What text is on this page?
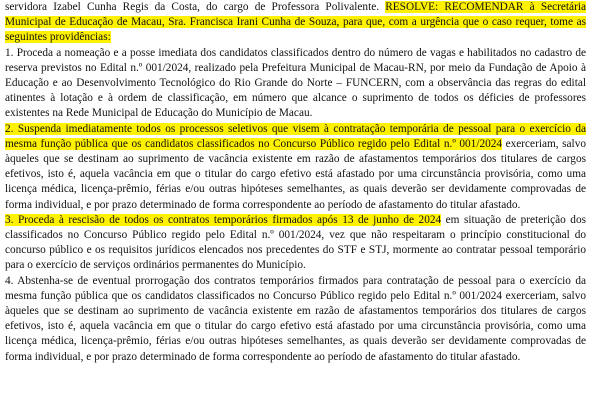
servidora Izabel Cunha Regis da Costa, do cargo de Professora Polivalente. RESOLVE: RECOMENDAR à Secretária Municipal de Educação de Macau, Sra. Francisca Irani Cunha de Souza, para que, com a urgência que o caso requer, tome as seguintes providências:

1. Proceda a nomeação e a posse imediata dos candidatos classificados dentro do número de vagas e habilitados no cadastro de reserva previstos no Edital n.º 001/2024, realizado pela Prefeitura Municipal de Macau-RN, por meio da Fundação de Apoio à Educação e ao Desenvolvimento Tecnológico do Rio Grande do Norte – FUNCERN, com a observância das regras do edital atinentes à lotação e à ordem de classificação, em número que alcance o suprimento de todos os déficies de professores existentes na Rede Municipal de Educação do Município de Macau.

2. Suspenda imediatamente todos os processos seletivos que visem à contratação temporária de pessoal para o exercício da mesma função pública que os candidatos classificados no Concurso Público regido pelo Edital n.º 001/2024 exerceriam, salvo àqueles que se destinam ao suprimento de vacância existente em razão de afastamentos temporários dos titulares de cargos efetivos, isto é, aquela vacância em que o titular do cargo efetivo está afastado por uma circunstância provisória, como uma licença médica, licença-prêmio, férias e/ou outras hipóteses semelhantes, as quais deverão ser devidamente comprovadas de forma individual, e por prazo determinado de forma correspondente ao período de afastamento do titular afastado.

3. Proceda à rescisão de todos os contratos temporários firmados após 13 de junho de 2024 em situação de preterição dos classificados no Concurso Público regido pelo Edital n.º 001/2024, vez que não respeitaram o princípio constitucional do concurso público e os requisitos jurídicos elencados nos precedentes do STF e STJ, mormente ao contratar pessoal temporário para o exercício de serviços ordinários permanentes do Município.

4. Abstenha-se de eventual prorrogação dos contratos temporários firmados para contratação de pessoal para o exercício da mesma função pública que os candidatos classificados no Concurso Público regido pelo Edital n.º 001/2024 exerceriam, salvo àqueles que se destinam ao suprimento de vacância existente em razão de afastamentos temporários dos titulares de cargos efetivos, isto é, aquela vacância em que o titular do cargo efetivo está afastado por uma circunstância provisória, como uma licença médica, licença-prêmio, férias e/ou outras hipóteses semelhantes, as quais deverão ser devidamente comprovadas de forma individual, e por prazo determinado de forma correspondente ao período de afastamento do titular afastado.
